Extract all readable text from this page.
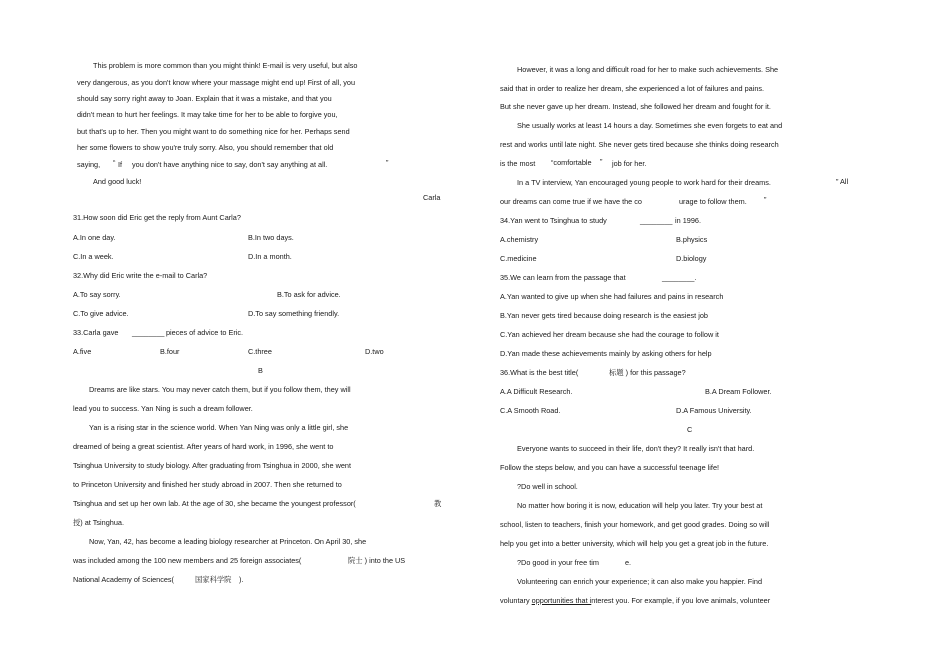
This problem is more common than you might think! E-mail is very useful, but also
very dangerous, as you don't know where your massage might end up! First of all, you
should say sorry right away to Joan. Explain that it was a mistake, and that you
didn't mean to hurt her feelings. It may take time for her to be able to forgive you,
but that's up to her. Then you might want to do something nice for her. Perhaps send
her some flowers to show you're truly sorry. Also, you should remember that old
saying, “ If you don't have anything nice to say, don't say anything at all.	”
And good luck!
Carla
31.How soon did Eric get the reply from Aunt Carla?
A.In one day.	B.In two days.
C.In a week.	D.In a month.
32.Why did Eric write the e-mail to Carla?
A.To say sorry.	B.To ask for advice.
C.To give advice.	D.To say something friendly.
33.Carla gave ________ pieces of advice to Eric.
A.five	B.four	C.three	D.two
B
Dreams are like stars. You may never catch them, but if you follow them, they will
lead you to success. Yan Ning is such a dream follower.
Yan is a rising star in the science world. When Yan Ning was only a little girl, she
dreamed of being a great scientist. After years of hard work, in 1996, she went to
Tsinghua University to study biology. After graduating from Tsinghua in 2000, she went
to Princeton University and finished her study abroad in 2007. Then she returned to
Tsinghua and set up her own lab. At the age of 30, she became the youngest professor(	教
授) at Tsinghua.
Now, Yan, 42, has become a leading biology researcher at Princeton. On April 30, she
was included among the 100 new members and 25 foreign associates(	院士 ) into the US
National Academy of Sciences(	国家科学院 ).
However, it was a long and difficult road for her to make such achievements. She
said that in order to realize her dream, she experienced a lot of failures and pains.
But she never gave up her dream. Instead, she followed her dream and fought for it.
She usually works at least 14 hours a day. Sometimes she even forgets to eat and
rest and works until late night. She never gets tired because she thinks doing research
is the most “comfortable ” job for her.
In a TV interview, Yan encouraged young people to work hard for their dreams.	” All
our dreams can come true if we have the co	urage to follow them. ”
34.Yan went to Tsinghua to study	________ in 1996.
A.chemistry	B.physics
C.medicine	D.biology
35.We can learn from the passage that	________.
A.Yan wanted to give up when she had failures and pains in research
B.Yan never gets tired because doing research is the easiest job
C.Yan achieved her dream because she had the courage to follow it
D.Yan made these achievements mainly by asking others for help
36.What is the best title(	标题 ) for this passage?
A.A Difficult Research.	B.A Dream Follower.
C.A Smooth Road.	D.A Famous University.
C
Everyone wants to succeed in their life, don't they? It really isn't that hard.
Follow the steps below, and you can have a successful teenage life!
?Do well in school.
No matter how boring it is now, education will help you later. Try your best at
school, listen to teachers, finish your homework, and get good grades. Doing so will
help you get into a better university, which will help you get a great job in the future.
?Do good in your free tim	e.
Volunteering can enrich your experience; it can also make you happier. Find
voluntary opportunities that interest you. For example, if you love animals, volunteer
